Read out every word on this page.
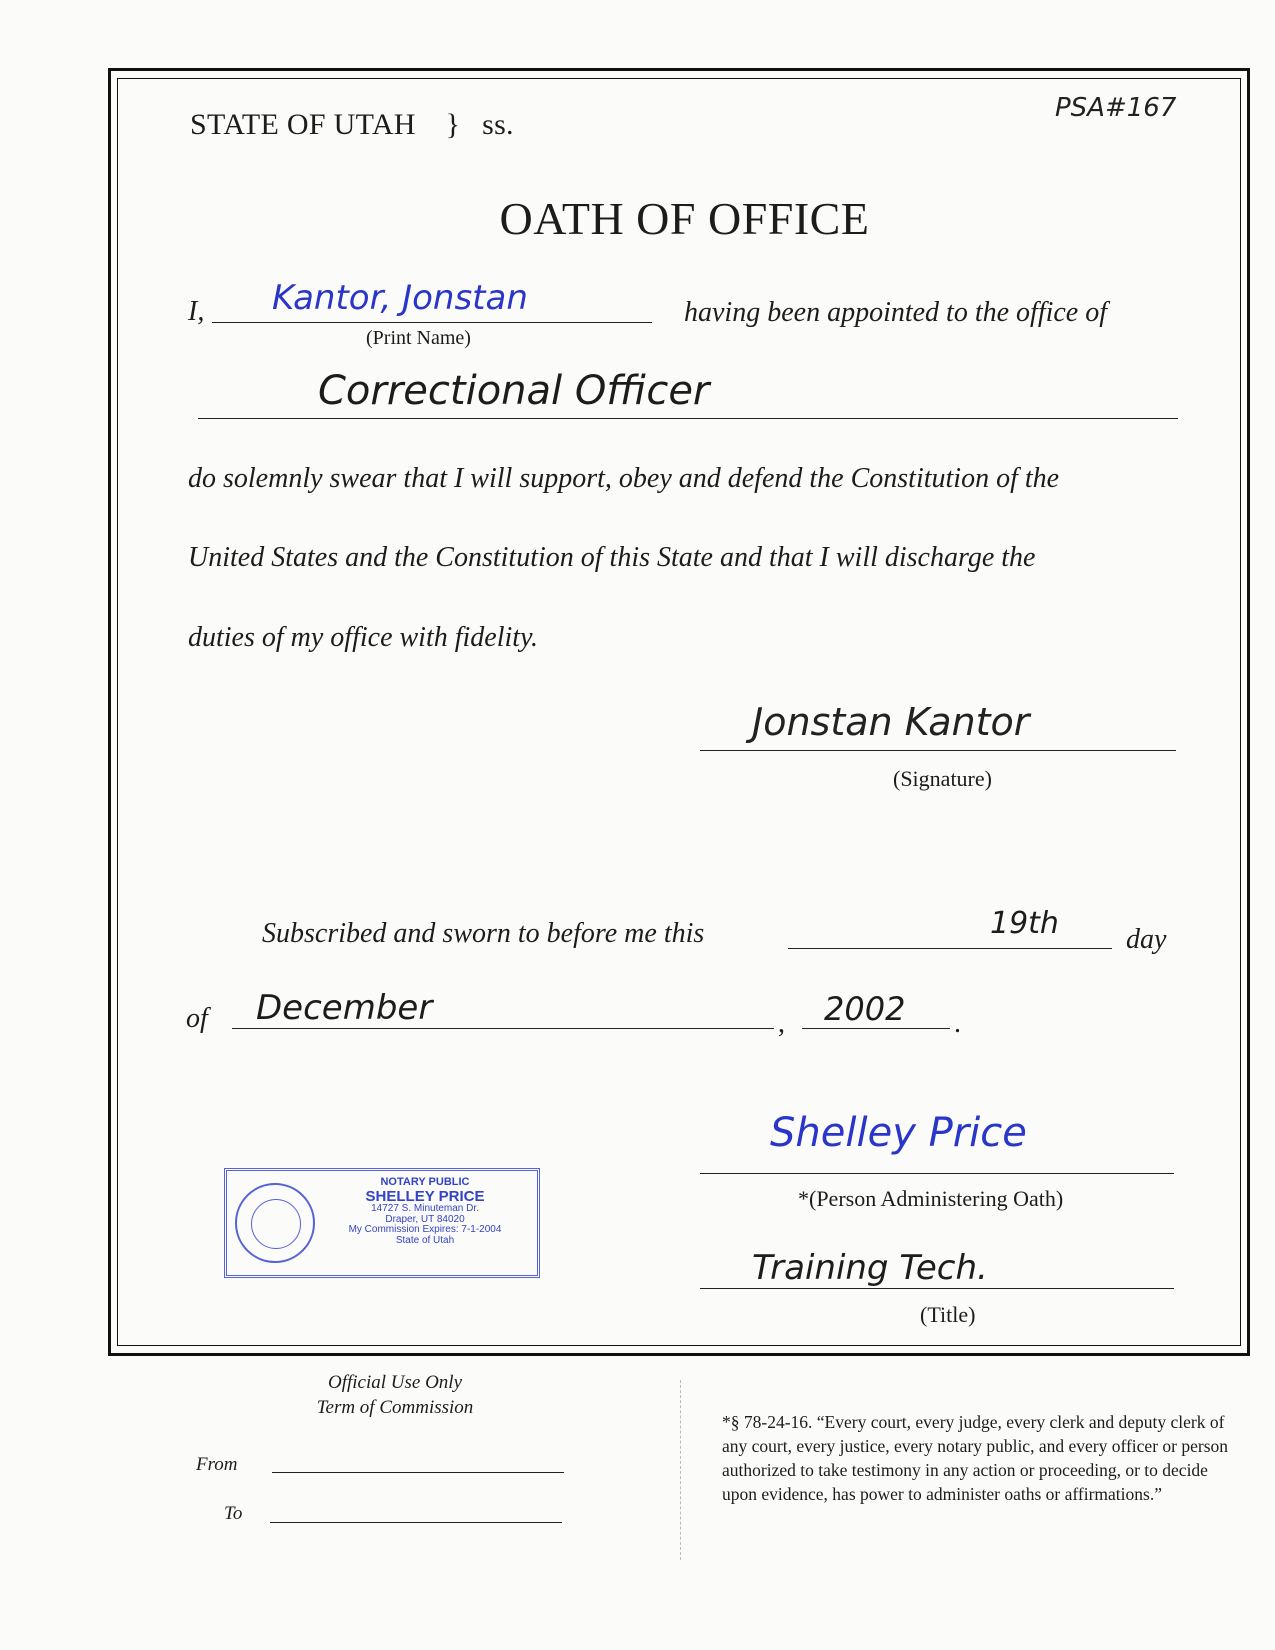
STATE OF UTAH } ss.	PSA#167
OATH OF OFFICE
I, Kantor, Jonstan
(Print Name)
having been appointed to the office of
Correctional Officer
do solemnly swear that I will support, obey and defend the Constitution of the
United States and the Constitution of this State and that I will discharge the
duties of my office with fidelity.
Jonstan Kantor
(Signature)
Subscribed and sworn to before me this	19th day
of December	, 2002 .
NOTARY PUBLIC
SHELLEY PRICE
14727 S. Minuteman Dr.
Draper, UT 84020
My Commission Expires: 7-1-2004
State of Utah
Shelley Price
*(Person Administering Oath)
Training Tech.
(Title)
Official Use Only
Term of Commission
From
To
*§ 78-24-16. “Every court, every judge, every clerk and deputy clerk of any court, every justice, every notary public, and every officer or person authorized to take testimony in any action or proceeding, or to decide upon evidence, has power to administer oaths or affirmations.”
